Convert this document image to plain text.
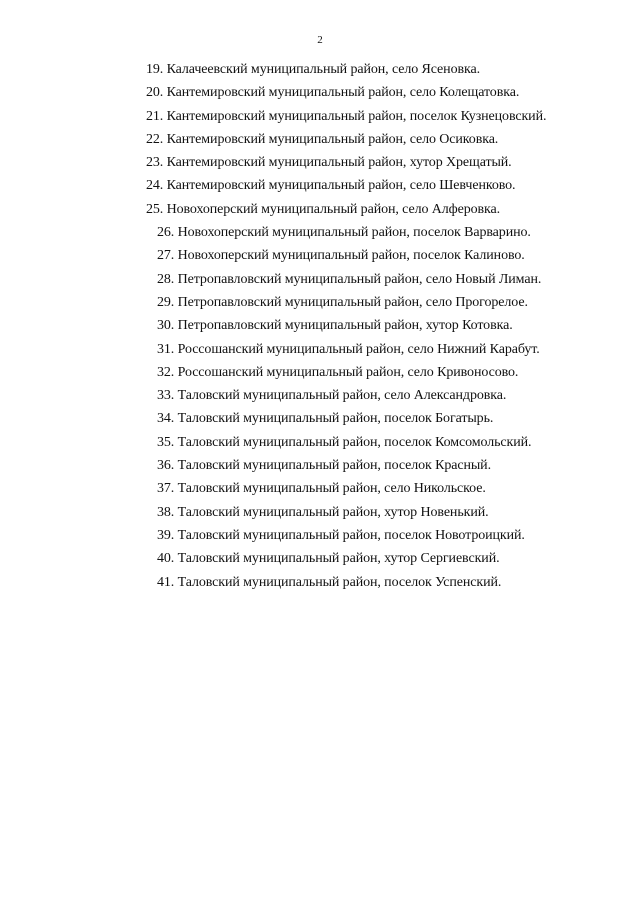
2
19. Калачеевский муниципальный район, село Ясеновка.
20. Кантемировский муниципальный район, село Колещатовка.
21. Кантемировский муниципальный район, поселок Кузнецовский.
22. Кантемировский муниципальный район, село Осиковка.
23. Кантемировский муниципальный район, хутор Хрещатый.
24. Кантемировский муниципальный район, село Шевченково.
25. Новохоперский муниципальный район, село Алферовка.
26. Новохоперский муниципальный район, поселок Варварино.
27. Новохоперский муниципальный район, поселок Калиново.
28. Петропавловский муниципальный район, село Новый Лиман.
29. Петропавловский муниципальный район, село Прогорелое.
30. Петропавловский муниципальный район, хутор Котовка.
31. Россошанский муниципальный район, село Нижний Карабут.
32. Россошанский муниципальный район, село Кривоносово.
33. Таловский муниципальный район, село Александровка.
34. Таловский муниципальный район, поселок Богатырь.
35. Таловский муниципальный район, поселок Комсомольский.
36. Таловский муниципальный район, поселок Красный.
37. Таловский муниципальный район, село Никольское.
38. Таловский муниципальный район, хутор Новенький.
39. Таловский муниципальный район, поселок Новотроицкий.
40. Таловский муниципальный район, хутор Сергиевский.
41. Таловский муниципальный район, поселок Успенский.
